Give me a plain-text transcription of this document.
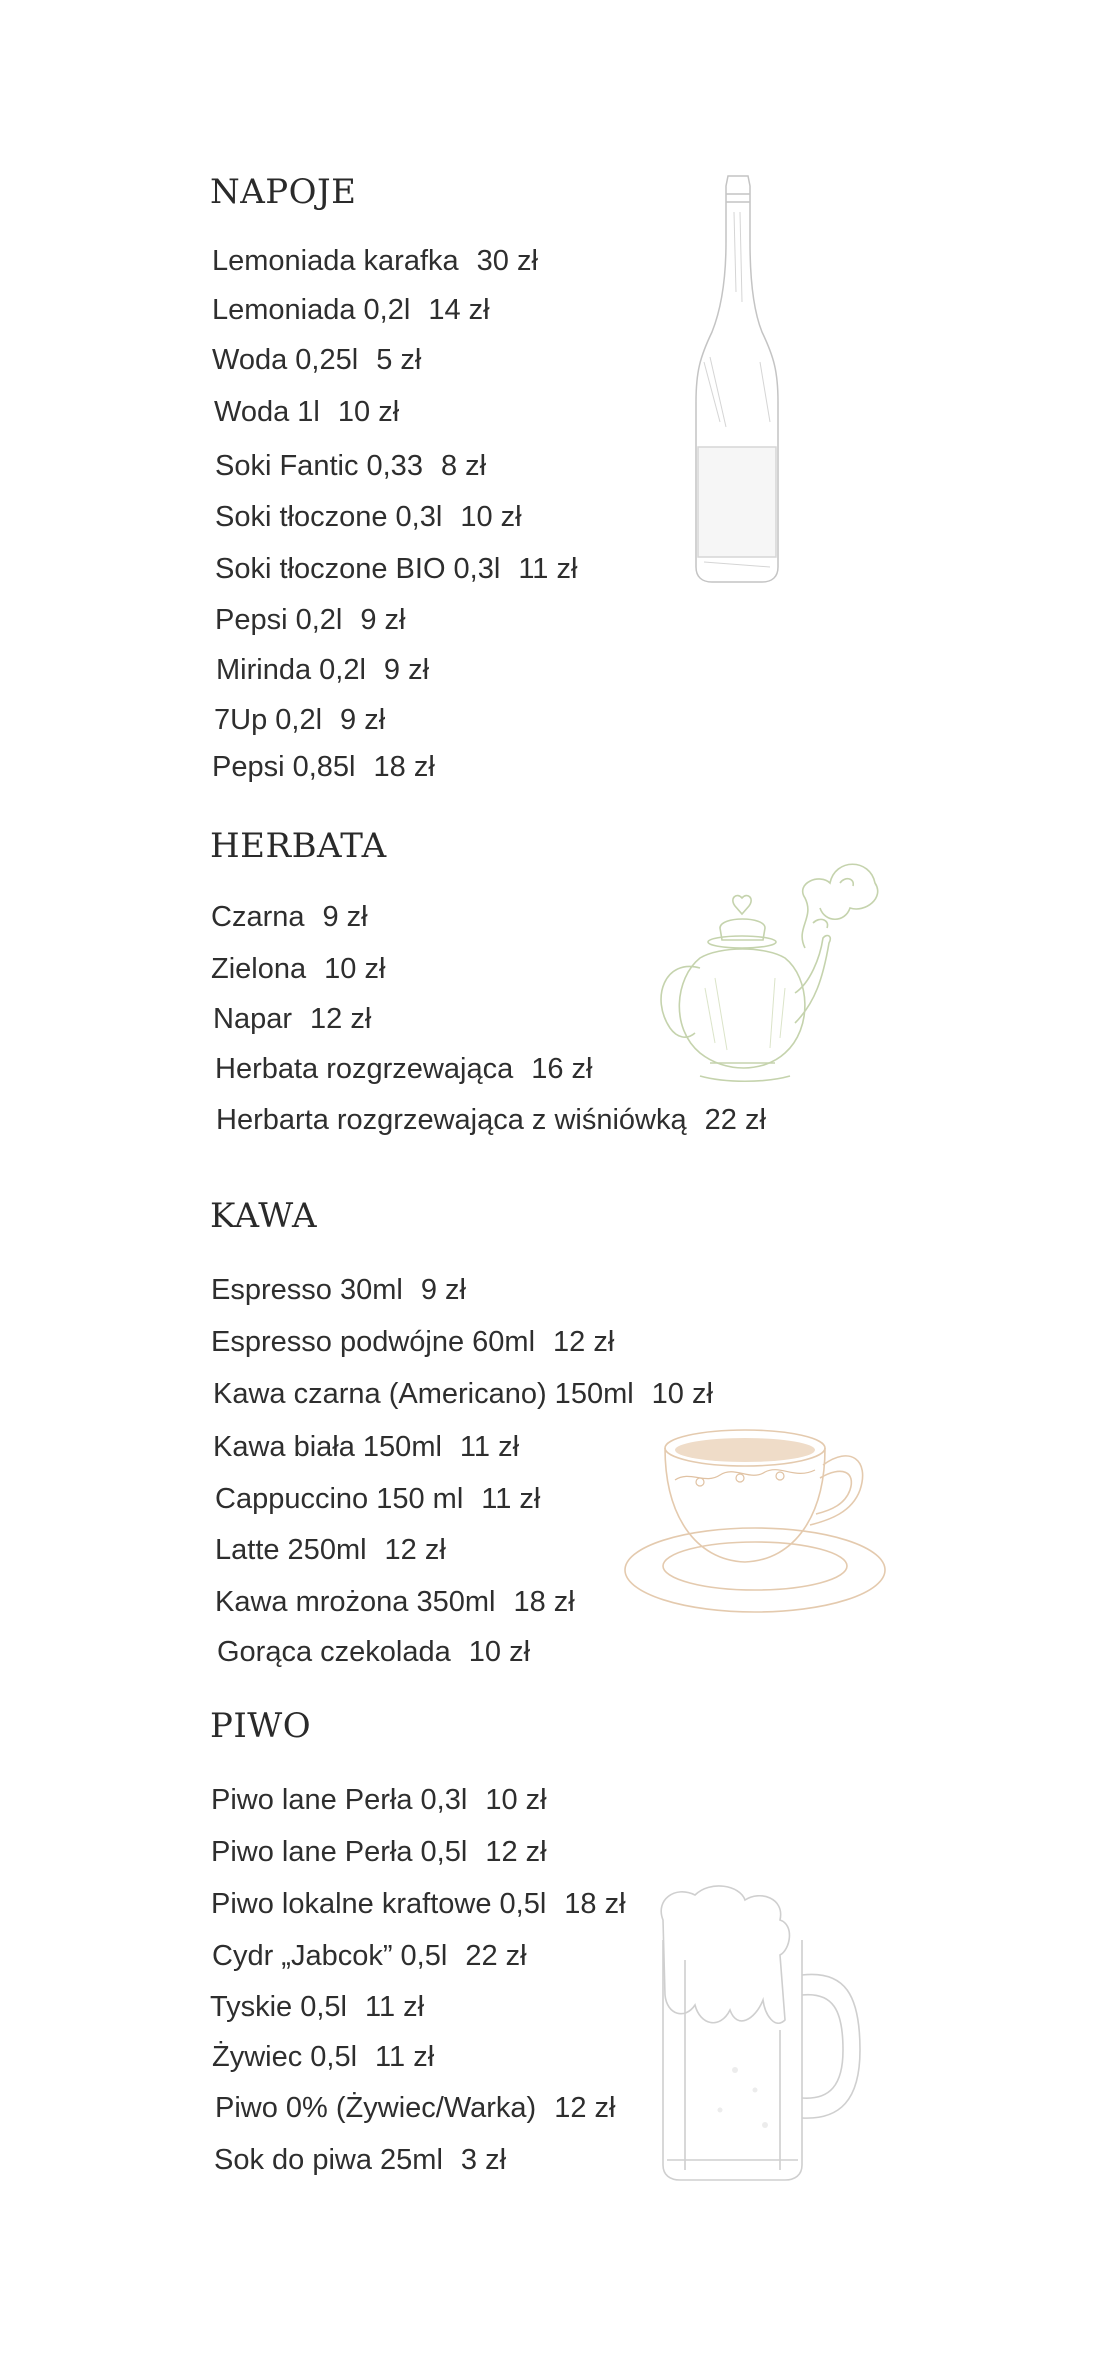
NAPOJE
Lemoniada karafka 30 zł
Lemoniada 0,2l 14 zł
Woda 0,25l 5 zł
Woda 1l 10 zł
Soki Fantic 0,33 8 zł
Soki tłoczone 0,3l 10 zł
Soki tłoczone BIO 0,3l 11 zł
Pepsi 0,2l 9 zł
Mirinda 0,2l 9 zł
7Up 0,2l 9 zł
Pepsi 0,85l 18 zł
HERBATA
Czarna 9 zł
Zielona 10 zł
Napar 12 zł
Herbata rozgrzewająca 16 zł
Herbarta rozgrzewająca z wiśniówką 22 zł
KAWA
Espresso 30ml 9 zł
Espresso podwójne 60ml 12 zł
Kawa czarna (Americano) 150ml 10 zł
Kawa biała 150ml 11 zł
Cappuccino 150 ml 11 zł
Latte 250ml 12 zł
Kawa mrożona 350ml 18 zł
Gorąca czekolada 10 zł
PIWO
Piwo lane Perła 0,3l 10 zł
Piwo lane Perła 0,5l 12 zł
Piwo lokalne kraftowe 0,5l 18 zł
Cydr „Jabcok” 0,5l 22 zł
Tyskie 0,5l 11 zł
Żywiec 0,5l 11 zł
Piwo 0% (Żywiec/Warka) 12 zł
Sok do piwa 25ml 3 zł
